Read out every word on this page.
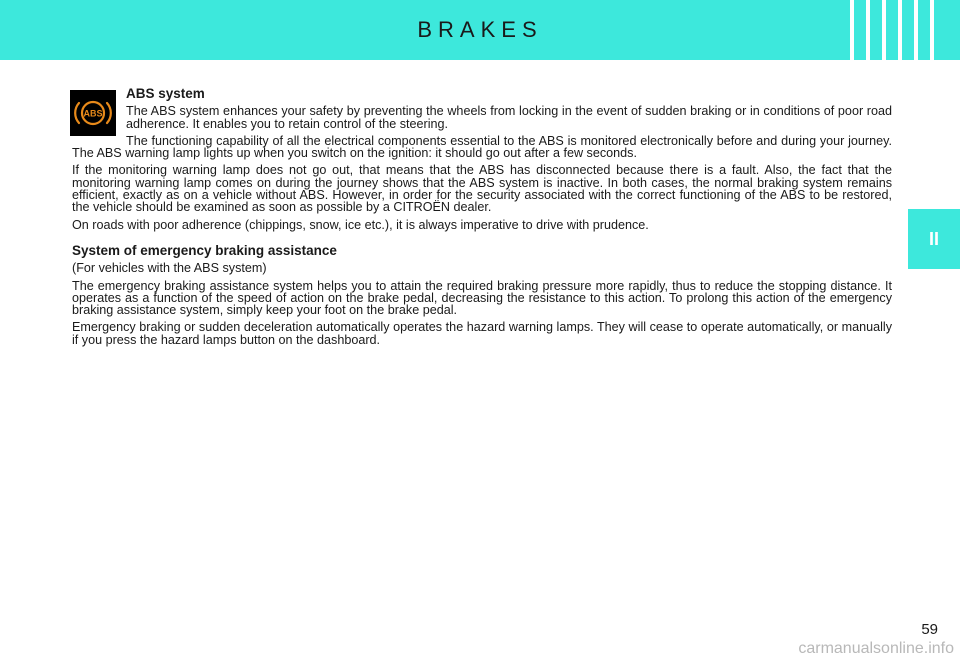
BRAKES
II
ABS
ABS system

The ABS system enhances your safety by preventing the wheels from locking in the event of sudden braking or in conditions of poor road adherence. It enables you to retain control of the steering.

The functioning capability of all the electrical components essential to the ABS is monitored electronically before and during your journey. The ABS warning lamp lights up when you switch on the ignition: it should go out after a few seconds.

If the monitoring warning lamp does not go out, that means that the ABS has disconnected because there is a fault. Also, the fact that the monitoring warning lamp comes on during the journey shows that the ABS system is inactive. In both cases, the normal braking system remains efficient, exactly as on a vehicle without ABS. However, in order for the security associated with the correct functioning of the ABS to be restored, the vehicle should be examined as soon as possible by a CITROËN dealer.

On roads with poor adherence (chippings, snow, ice etc.), it is always imperative to drive with prudence.

System of emergency braking assistance

(For vehicles with the ABS system)

The emergency braking assistance system helps you to attain the required braking pressure more rapidly, thus to reduce the stopping distance. It operates as a function of the speed of action on the brake pedal, decreasing the resistance to this action. To prolong this action of the emergency braking assistance system, simply keep your foot on the brake pedal.

Emergency braking or sudden deceleration automatically operates the hazard warning lamps. They will cease to operate automatically, or manually if you press the hazard lamps button on the dashboard.

59
carmanualsonline.info
